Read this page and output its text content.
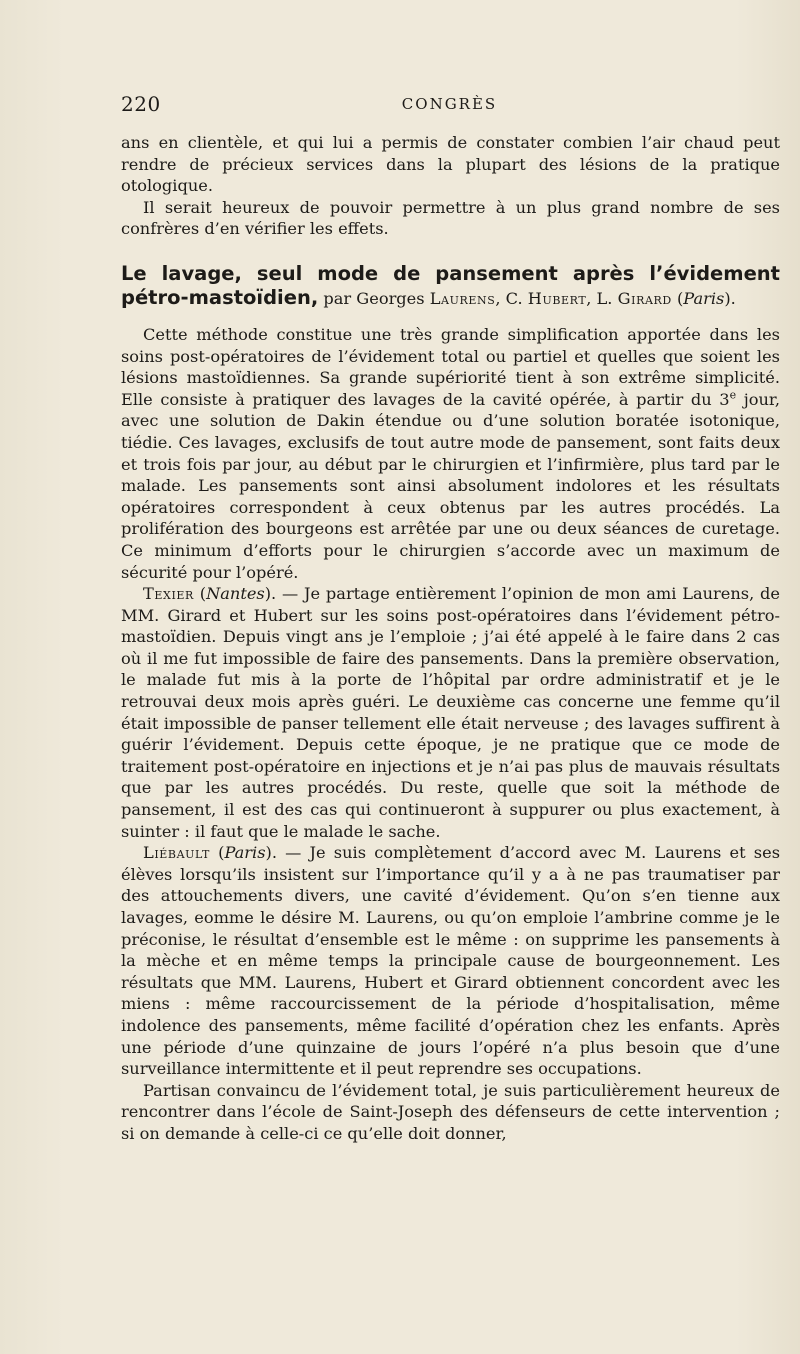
220	CONGRÈS

ans en clientèle, et qui lui a permis de constater combien l’air chaud peut rendre de précieux services dans la plupart des lésions de la pratique otologique.

Il serait heureux de pouvoir permettre à un plus grand nombre de ses confrères d’en vérifier les effets.

Le lavage, seul mode de pansement après l’évidement pétro-mastoïdien, par Georges Laurens, C. Hubert, L. Girard (Paris).

Cette méthode constitue une très grande simplification apportée dans les soins post-opératoires de l’évidement total ou partiel et quelles que soient les lésions mastoïdiennes. Sa grande supériorité tient à son extrême simplicité. Elle consiste à pratiquer des lavages de la cavité opérée, à partir du 3e jour, avec une solution de Dakin étendue ou d’une solution boratée isotonique, tiédie. Ces lavages, exclusifs de tout autre mode de pansement, sont faits deux et trois fois par jour, au début par le chirurgien et l’infirmière, plus tard par le malade. Les pansements sont ainsi absolument indolores et les résultats opératoires correspondent à ceux obtenus par les autres procédés. La prolifération des bourgeons est arrêtée par une ou deux séances de curetage. Ce minimum d’efforts pour le chirurgien s’accorde avec un maximum de sécurité pour l’opéré.

Texier (Nantes). — Je partage entièrement l’opinion de mon ami Laurens, de MM. Girard et Hubert sur les soins post-opératoires dans l’évidement pétro-mastoïdien. Depuis vingt ans je l’emploie ; j’ai été appelé à le faire dans 2 cas où il me fut impossible de faire des pansements. Dans la première observation, le malade fut mis à la porte de l’hôpital par ordre administratif et je le retrouvai deux mois après guéri. Le deuxième cas concerne une femme qu’il était impossible de panser tellement elle était nerveuse ; des lavages suffirent à guérir l’évidement. Depuis cette époque, je ne pratique que ce mode de traitement post-opératoire en injections et je n’ai pas plus de mauvais résultats que par les autres procédés. Du reste, quelle que soit la méthode de pansement, il est des cas qui continueront à suppurer ou plus exactement, à suinter : il faut que le malade le sache.

Liébault (Paris). — Je suis complètement d’accord avec M. Laurens et ses élèves lorsqu’ils insistent sur l’importance qu’il y a à ne pas traumatiser par des attouchements divers, une cavité d’évidement. Qu’on s’en tienne aux lavages, eomme le désire M. Laurens, ou qu’on emploie l’ambrine comme je le préconise, le résultat d’ensemble est le même : on supprime les pansements à la mèche et en même temps la principale cause de bourgeonnement. Les résultats que MM. Laurens, Hubert et Girard obtiennent concordent avec les miens : même raccourcissement de la période d’hospitalisation, même indolence des pansements, même facilité d’opération chez les enfants. Après une période d’une quinzaine de jours l’opéré n’a plus besoin que d’une surveillance intermittente et il peut reprendre ses occupations.

Partisan convaincu de l’évidement total, je suis particulièrement heureux de rencontrer dans l’école de Saint-Joseph des défenseurs de cette intervention ; si on demande à celle-ci ce qu’elle doit donner,
